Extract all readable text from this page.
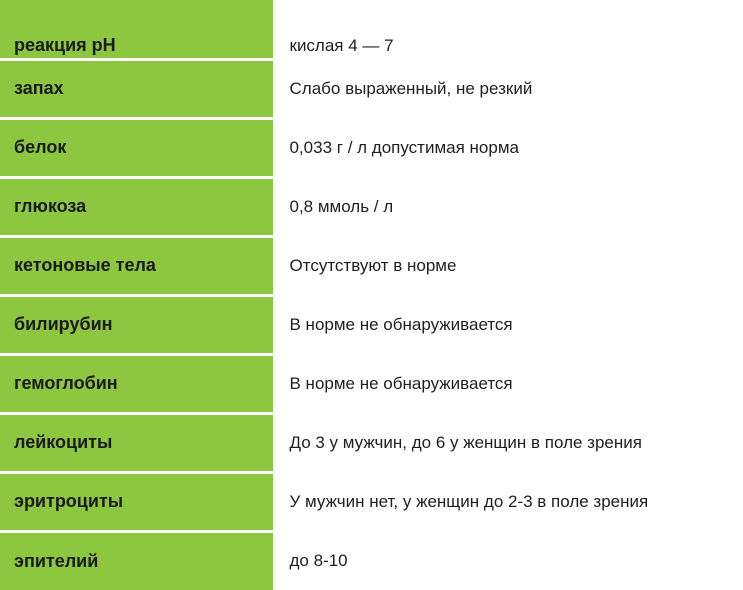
реакция pH	кислая 4 — 7
запах	Слабо выраженный, не резкий
белок	0,033 г / л допустимая норма
глюкоза	0,8 ммоль / л
кетоновые тела	Отсутствуют в норме
билирубин	В норме не обнаруживается
гемоглобин	В норме не обнаруживается
лейкоциты	До 3 у мужчин, до 6 у женщин в поле зрения
эритроциты	У мужчин нет, у женщин до 2-3 в поле зрения
эпителий	до 8-10
